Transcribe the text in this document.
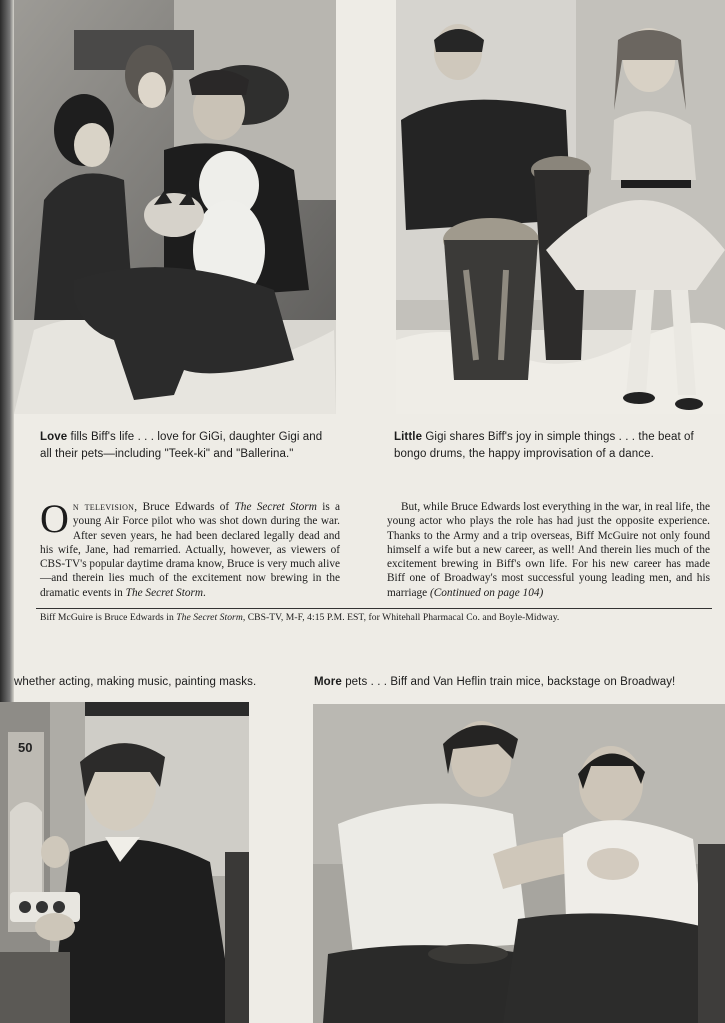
Love fills Biff's life . . . love for GiGi, daughter Gigi and all their pets—including "Teek-ki" and "Ballerina."
Little Gigi shares Biff's joy in simple things . . . the beat of bongo drums, the happy improvisation of a dance.
O n television, Bruce Edwards of The Secret Storm is a young Air Force pilot who was shot down during the war. After seven years, he had been declared legally dead and his wife, Jane, had remarried. Actually, however, as viewers of CBS-TV's popular daytime drama know, Bruce is very much alive—and therein lies much of the excitement now brewing in the dramatic events in The Secret Storm.
But, while Bruce Edwards lost everything in the war, in real life, the young actor who plays the role has had just the opposite experience. Thanks to the Army and a trip overseas, Biff McGuire not only found himself a wife but a new career, as well! And therein lies much of the excitement brewing in Biff's own life. For his new career has made Biff one of Broadway's most successful young leading men, and his marriage (Continued on page 104)
Biff McGuire is Bruce Edwards in The Secret Storm, CBS-TV, M-F, 4:15 P.M. EST, for Whitehall Pharmacal Co. and Boyle-Midway.
whether acting, making music, painting masks.	More pets . . . Biff and Van Heflin train mice, backstage on Broadway!
50
